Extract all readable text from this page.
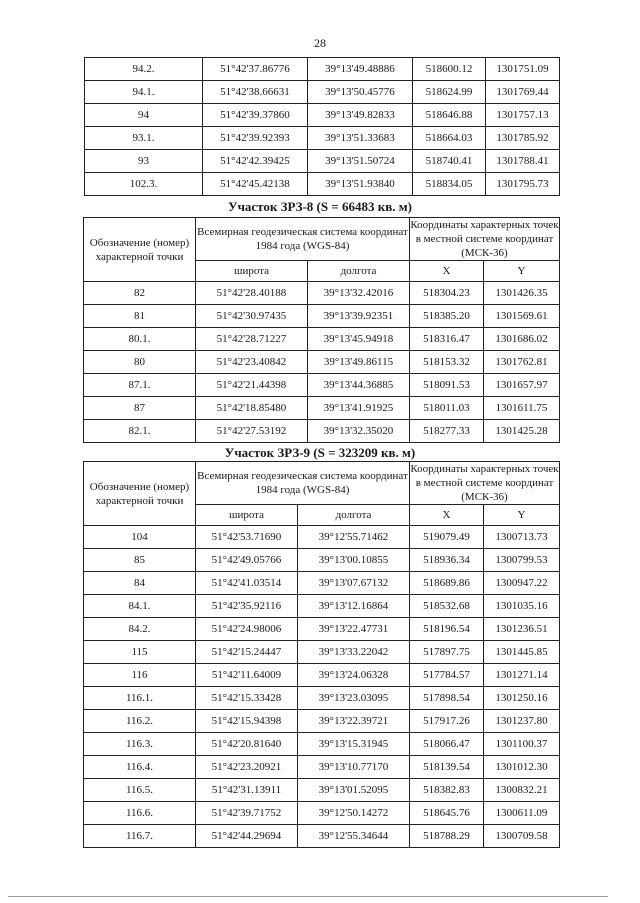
28
94.2.	51°42'37.86776	39°13'49.48886	518600.12	1301751.09
94.1.	51°42'38.66631	39°13'50.45776	518624.99	1301769.44
94	51°42'39.37860	39°13'49.82833	518646.88	1301757.13
93.1.	51°42'39.92393	39°13'51.33683	518664.03	1301785.92
93	51°42'42.39425	39°13'51.50724	518740.41	1301788.41
102.3.	51°42'45.42138	39°13'51.93840	518834.05	1301795.73
Участок ЗРЗ-8 (S = 66483 кв. м)
Обозначение (номер) характерной точки	Всемирная геодезическая система координат 1984 года (WGS-84)		Координаты характерных точек в местной системе координат (МСК-36)	
	широта	долгота	X	Y
82	51°42'28.40188	39°13'32.42016	518304.23	1301426.35
81	51°42'30.97435	39°13'39.92351	518385.20	1301569.61
80.1.	51°42'28.71227	39°13'45.94918	518316.47	1301686.02
80	51°42'23.40842	39°13'49.86115	518153.32	1301762.81
87.1.	51°42'21.44398	39°13'44.36885	518091.53	1301657.97
87	51°42'18.85480	39°13'41.91925	518011.03	1301611.75
82.1.	51°42'27.53192	39°13'32.35020	518277.33	1301425.28
Участок ЗРЗ-9 (S = 323209 кв. м)
Обозначение (номер) характерной точки	Всемирная геодезическая система координат 1984 года (WGS-84)		Координаты характерных точек в местной системе координат (МСК-36)	
	широта	долгота	X	Y
104	51°42'53.71690	39°12'55.71462	519079.49	1300713.73
85	51°42'49.05766	39°13'00.10855	518936.34	1300799.53
84	51°42'41.03514	39°13'07.67132	518689.86	1300947.22
84.1.	51°42'35.92116	39°13'12.16864	518532.68	1301035.16
84.2.	51°42'24.98006	39°13'22.47731	518196.54	1301236.51
115	51°42'15.24447	39°13'33.22042	517897.75	1301445.85
116	51°42'11.64009	39°13'24.06328	517784.57	1301271.14
116.1.	51°42'15.33428	39°13'23.03095	517898.54	1301250.16
116.2.	51°42'15.94398	39°13'22.39721	517917.26	1301237.80
116.3.	51°42'20.81640	39°13'15.31945	518066.47	1301100.37
116.4.	51°42'23.20921	39°13'10.77170	518139.54	1301012.30
116.5.	51°42'31.13911	39°13'01.52095	518382.83	1300832.21
116.6.	51°42'39.71752	39°12'50.14272	518645.76	1300611.09
116.7.	51°42'44.29694	39°12'55.34644	518788.29	1300709.58
